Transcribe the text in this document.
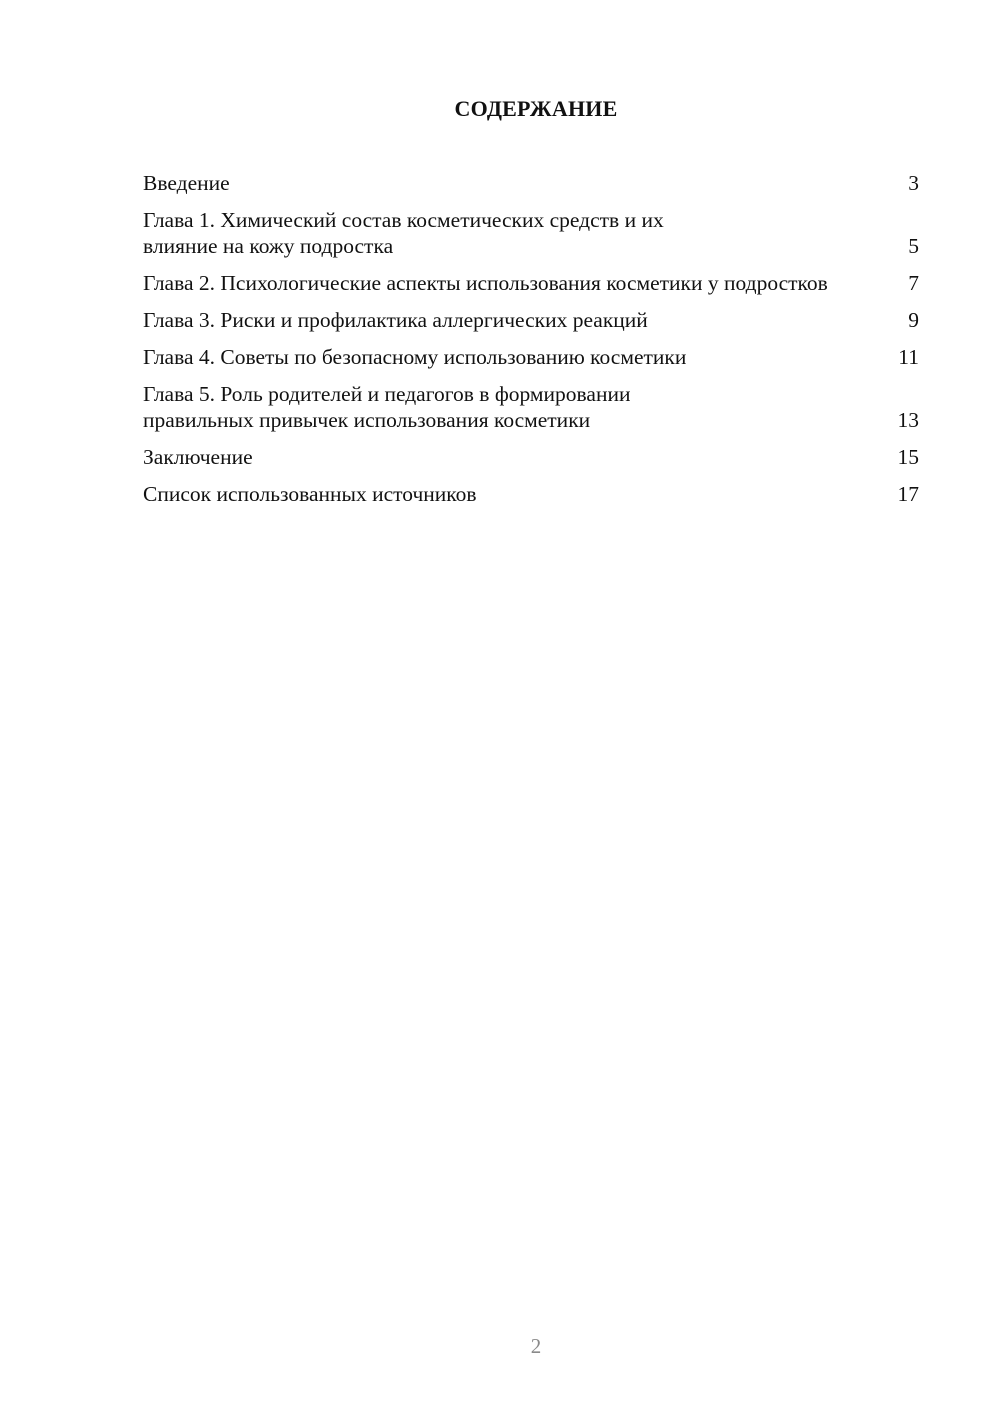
СОДЕРЖАНИЕ
Введение	3
Глава 1. Химический состав косметических средств и их влияние на кожу подростка	5
Глава 2. Психологические аспекты использования косметики у подростков	7
Глава 3. Риски и профилактика аллергических реакций	9
Глава 4. Советы по безопасному использованию косметики	11
Глава 5. Роль родителей и педагогов в формировании правильных привычек использования косметики	13
Заключение	15
Список использованных источников	17
2
